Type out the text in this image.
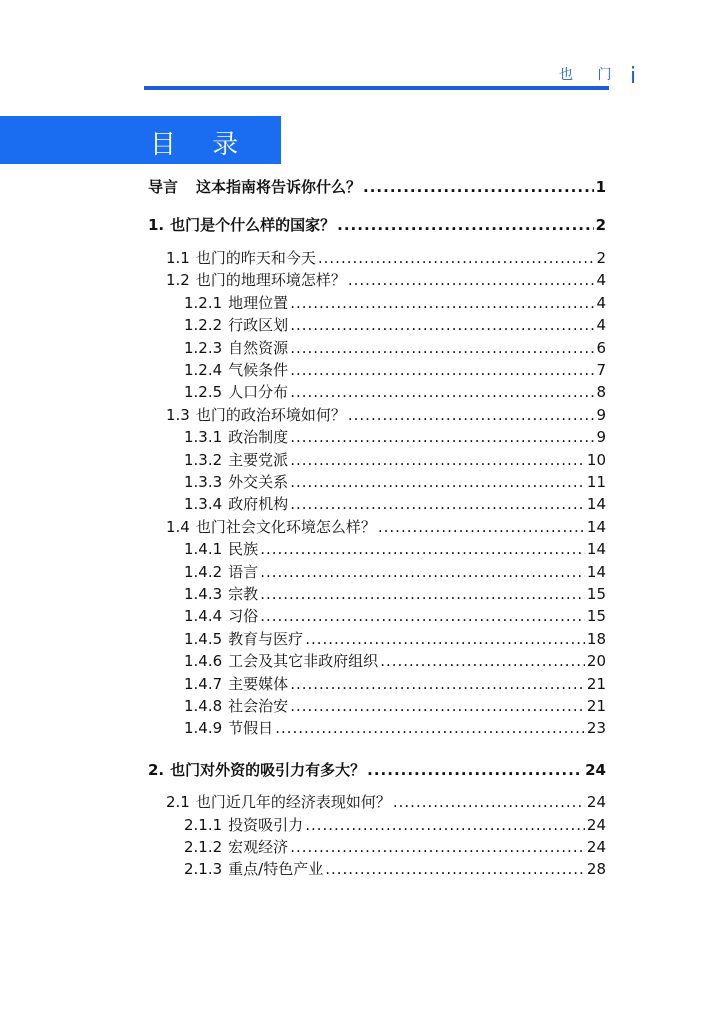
也 门 i
目 录
导言 这本指南将告诉你什么？ .....	1
1. 也门是个什么样的国家？ .....	2
1.1 也门的昨天和今天 .....	2
1.2 也门的地理环境怎样？ .....	4
1.2.1 地理位置 .....	4
1.2.2 行政区划 .....	4
1.2.3 自然资源 .....	6
1.2.4 气候条件 .....	7
1.2.5 人口分布 .....	8
1.3 也门的政治环境如何？ .....	9
1.3.1 政治制度 .....	9
1.3.2 主要党派 .....	10
1.3.3 外交关系 .....	11
1.3.4 政府机构 .....	14
1.4 也门社会文化环境怎么样？ .....	14
1.4.1 民族 .....	14
1.4.2 语言 .....	14
1.4.3 宗教 .....	15
1.4.4 习俗 .....	15
1.4.5 教育与医疗 .....	18
1.4.6 工会及其它非政府组织 .....	20
1.4.7 主要媒体 .....	21
1.4.8 社会治安 .....	21
1.4.9 节假日 .....	23
2. 也门对外资的吸引力有多大？ .....	24
2.1 也门近几年的经济表现如何？ .....	24
2.1.1 投资吸引力 .....	24
2.1.2 宏观经济 .....	24
2.1.3 重点/特色产业 .....	28
